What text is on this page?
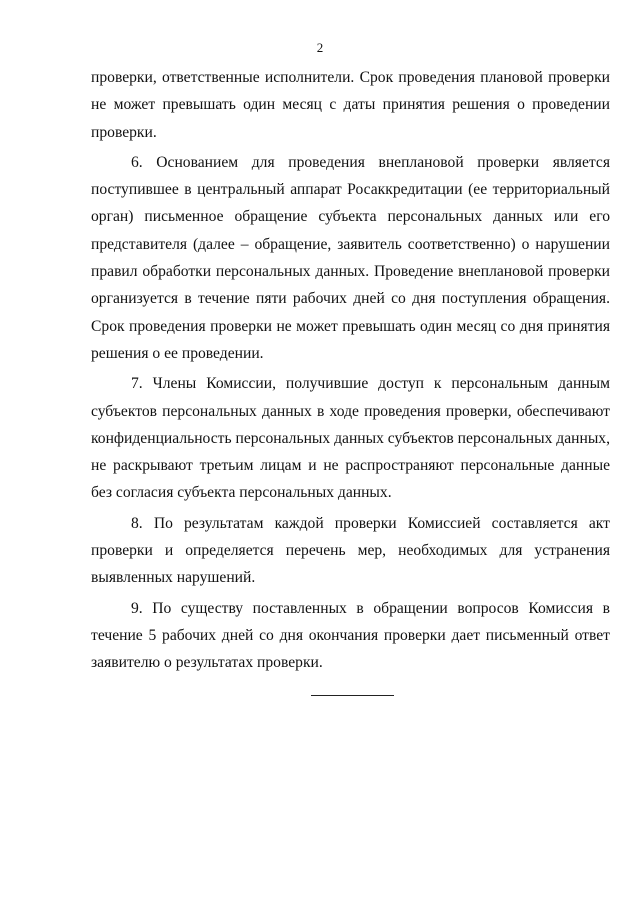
2

проверки, ответственные исполнители. Срок проведения плановой проверки не может превышать один месяц с даты принятия решения о проведении проверки.

6. Основанием для проведения внеплановой проверки является поступившее в центральный аппарат Росаккредитации (ее территориальный орган) письменное обращение субъекта персональных данных или его представителя (далее – обращение, заявитель соответственно) о нарушении правил обработки персональных данных. Проведение внеплановой проверки организуется в течение пяти рабочих дней со дня поступления обращения. Срок проведения проверки не может превышать один месяц со дня принятия решения о ее проведении.

7. Члены Комиссии, получившие доступ к персональным данным субъектов персональных данных в ходе проведения проверки, обеспечивают конфиденциальность персональных данных субъектов персональных данных, не раскрывают третьим лицам и не распространяют персональные данные без согласия субъекта персональных данных.

8. По результатам каждой проверки Комиссией составляется акт проверки и определяется перечень мер, необходимых для устранения выявленных нарушений.

9. По существу поставленных в обращении вопросов Комиссия в течение 5 рабочих дней со дня окончания проверки дает письменный ответ заявителю о результатах проверки.
